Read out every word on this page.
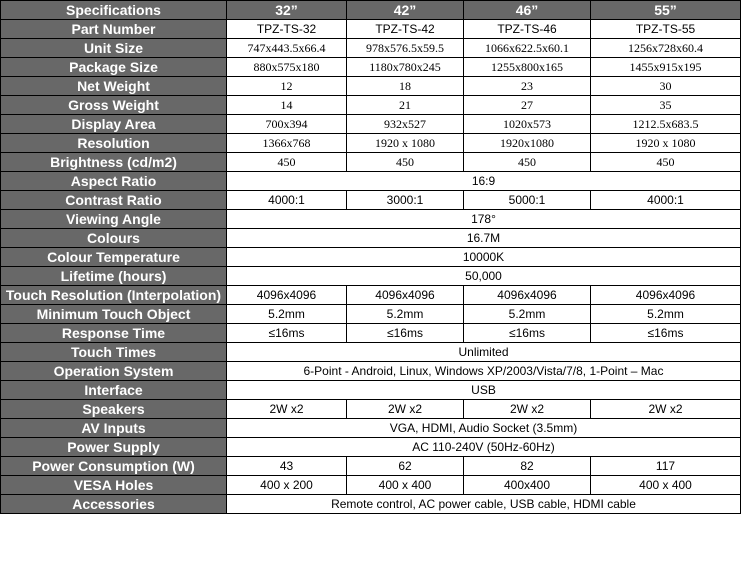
Specifications	32”	42”	46”	55”
Part Number	TPZ-TS-32	TPZ-TS-42	TPZ-TS-46	TPZ-TS-55
Unit Size	747x443.5x66.4	978x576.5x59.5	1066x622.5x60.1	1256x728x60.4
Package Size	880x575x180	1180x780x245	1255x800x165	1455x915x195
Net Weight	12	18	23	30
Gross Weight	14	21	27	35
Display Area	700x394	932x527	1020x573	1212.5x683.5
Resolution	1366x768	1920 x 1080	1920x1080	1920 x 1080
Brightness (cd/m2)	450	450	450	450
Aspect Ratio	16:9			
Contrast Ratio	4000:1	3000:1	5000:1	4000:1
Viewing Angle	178°			
Colours	16.7M			
Colour Temperature	10000K			
Lifetime (hours)	50,000			
Touch Resolution (Interpolation)	4096x4096	4096x4096	4096x4096	4096x4096
Minimum Touch Object	5.2mm	5.2mm	5.2mm	5.2mm
Response Time	≤16ms	≤16ms	≤16ms	≤16ms
Touch Times	Unlimited			
Operation System	6-Point - Android, Linux, Windows XP/2003/Vista/7/8, 1-Point – Mac			
Interface	USB			
Speakers	2W x2	2W x2	2W x2	2W x2
AV Inputs	VGA, HDMI, Audio Socket (3.5mm)			
Power Supply	AC 110-240V (50Hz-60Hz)			
Power Consumption (W)	43	62	82	117
VESA Holes	400 x 200	400 x 400	400x400	400 x 400
Accessories	Remote control, AC power cable, USB cable, HDMI cable			
